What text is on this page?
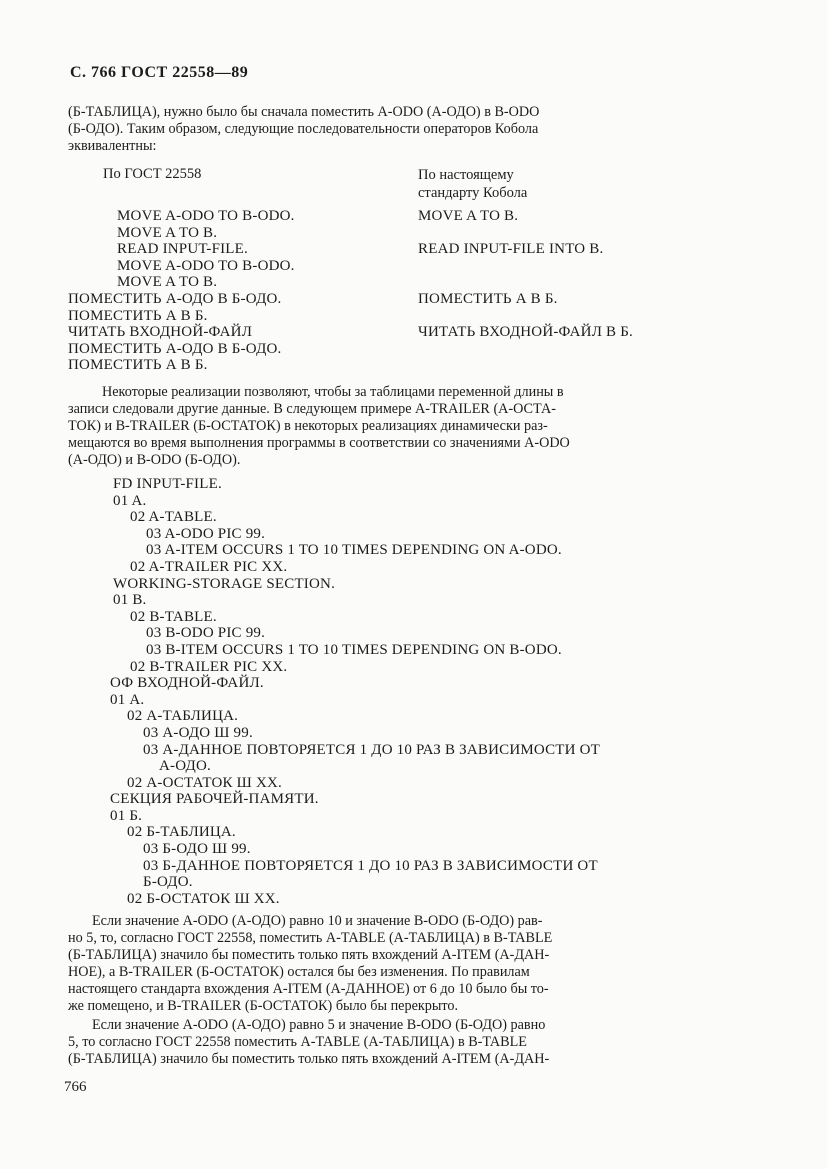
С. 766 ГОСТ 22558—89

(Б-ТАБЛИЦА), нужно было бы сначала поместить A-ODO (А-ОДО) в B-ODO

(Б-ОДО). Таким образом, следующие последовательности операторов Кобола

эквивалентны:

По ГОСТ 22558	По настоящему
стандарту Кобола
MOVE A-ODO TO B-ODO.
MOVE A TO B.
READ INPUT-FILE.
MOVE A-ODO TO B-ODO.
MOVE A TO B.
ПОМЕСТИТЬ А-ОДО В Б-ОДО.
ПОМЕСТИТЬ А В Б.
ЧИТАТЬ ВХОДНОЙ-ФАЙЛ
ПОМЕСТИТЬ А-ОДО В Б-ОДО.
ПОМЕСТИТЬ А В Б.
MOVE A TO B.
READ INPUT-FILE INTO B.
ПОМЕСТИТЬ А В Б.
ЧИТАТЬ ВХОДНОЙ-ФАЙЛ В Б.

Некоторые реализации позволяют, чтобы за таблицами переменной длины в

записи следовали другие данные. В следующем примере A-TRAILER (А-ОСТА-

ТОК) и B-TRAILER (Б-ОСТАТОК) в некоторых реализациях динамически раз-

мещаются во время выполнения программы в соответствии со значениями A-ODO

(А-ОДО) и B-ODO (Б-ОДО).

FD INPUT-FILE.
01 A.
02 A-TABLE.
03 A-ODO PIC 99.
03 A-ITEM OCCURS 1 TO 10 TIMES DEPENDING ON A-ODO.
02 A-TRAILER PIC XX.
WORKING-STORAGE SECTION.
01 B.
02 B-TABLE.
03 B-ODO PIC 99.
03 B-ITEM OCCURS 1 TO 10 TIMES DEPENDING ON B-ODO.
02 B-TRAILER PIC XX.
ОФ ВХОДНОЙ-ФАЙЛ.
01 А.
02 А-ТАБЛИЦА.
03 А-ОДО Ш 99.
03 А-ДАННОЕ ПОВТОРЯЕТСЯ 1 ДО 10 РАЗ В ЗАВИСИМОСТИ ОТ
А-ОДО.
02 А-ОСТАТОК Ш ХХ.
СЕКЦИЯ РАБОЧЕЙ-ПАМЯТИ.
01 Б.
02 Б-ТАБЛИЦА.
03 Б-ОДО Ш 99.
03 Б-ДАННОЕ ПОВТОРЯЕТСЯ 1 ДО 10 РАЗ В ЗАВИСИМОСТИ ОТ
Б-ОДО.
02 Б-ОСТАТОК Ш ХХ.

Если значение A-ODO (А-ОДО) равно 10 и значение B-ODO (Б-ОДО) рав-

но 5, то, согласно ГОСТ 22558, поместить A-TABLE (А-ТАБЛИЦА) в B-TABLE

(Б-ТАБЛИЦА) значило бы поместить только пять вхождений A-ITEM (А-ДАН-

НОЕ), а B-TRAILER (Б-ОСТАТОК) остался бы без изменения. По правилам

настоящего стандарта вхождения A-ITEM (А-ДАННОЕ) от 6 до 10 было бы то-

же помещено, и B-TRAILER (Б-ОСТАТОК) было бы перекрыто.

Если значение A-ODO (А-ОДО) равно 5 и значение B-ODO (Б-ОДО) равно

5, то согласно ГОСТ 22558 поместить A-TABLE (А-ТАБЛИЦА) в B-TABLE

(Б-ТАБЛИЦА) значило бы поместить только пять вхождений A-ITEM (А-ДАН-

766
